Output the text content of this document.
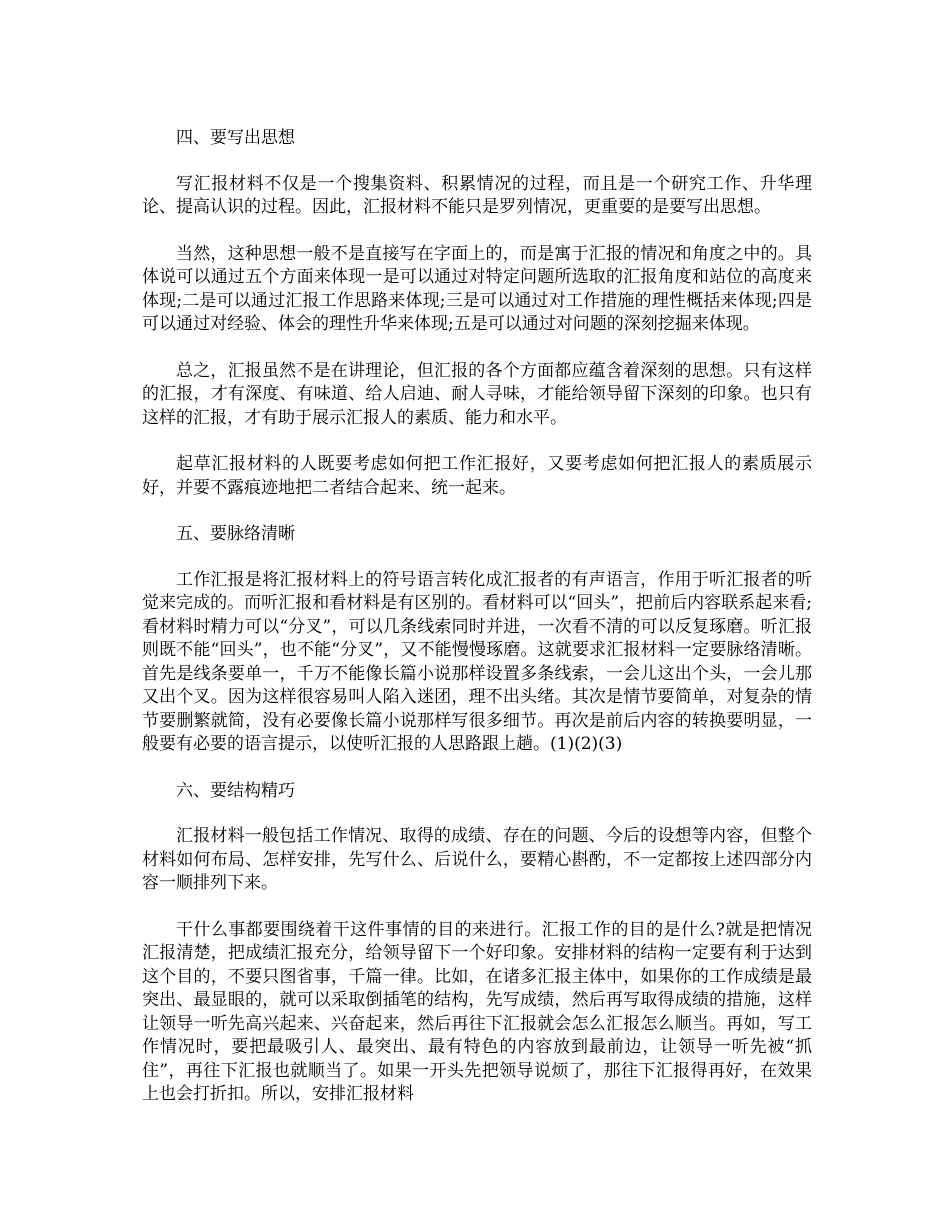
四、要写出思想

写汇报材料不仅是一个搜集资料、积累情况的过程，而且是一个研究工作、升华理论、提高认识的过程。因此，汇报材料不能只是罗列情况，更重要的是要写出思想。

当然，这种思想一般不是直接写在字面上的，而是寓于汇报的情况和角度之中的。具体说可以通过五个方面来体现一是可以通过对特定问题所选取的汇报角度和站位的高度来体现;二是可以通过汇报工作思路来体现;三是可以通过对工作措施的理性概括来体现;四是可以通过对经验、体会的理性升华来体现;五是可以通过对问题的深刻挖掘来体现。

总之，汇报虽然不是在讲理论，但汇报的各个方面都应蕴含着深刻的思想。只有这样的汇报，才有深度、有味道、给人启迪、耐人寻味，才能给领导留下深刻的印象。也只有这样的汇报，才有助于展示汇报人的素质、能力和水平。

起草汇报材料的人既要考虑如何把工作汇报好，又要考虑如何把汇报人的素质展示好，并要不露痕迹地把二者结合起来、统一起来。

五、要脉络清晰

工作汇报是将汇报材料上的符号语言转化成汇报者的有声语言，作用于听汇报者的听觉来完成的。而听汇报和看材料是有区别的。看材料可以“回头”，把前后内容联系起来看;看材料时精力可以“分叉”，可以几条线索同时并进，一次看不清的可以反复琢磨。听汇报则既不能“回头”，也不能“分叉”，又不能慢慢琢磨。这就要求汇报材料一定要脉络清晰。首先是线条要单一，千万不能像长篇小说那样设置多条线索，一会儿这出个头，一会儿那又出个叉。因为这样很容易叫人陷入迷团，理不出头绪。其次是情节要简单，对复杂的情节要删繁就简，没有必要像长篇小说那样写很多细节。再次是前后内容的转换要明显，一般要有必要的语言提示，以使听汇报的人思路跟上趟。(1)(2)(3)

六、要结构精巧

汇报材料一般包括工作情况、取得的成绩、存在的问题、今后的设想等内容，但整个材料如何布局、怎样安排，先写什么、后说什么，要精心斟酌，不一定都按上述四部分内容一顺排列下来。

干什么事都要围绕着干这件事情的目的来进行。汇报工作的目的是什么?就是把情况汇报清楚，把成绩汇报充分，给领导留下一个好印象。安排材料的结构一定要有利于达到这个目的，不要只图省事，千篇一律。比如，在诸多汇报主体中，如果你的工作成绩是最突出、最显眼的，就可以采取倒插笔的结构，先写成绩，然后再写取得成绩的措施，这样让领导一听先高兴起来、兴奋起来，然后再往下汇报就会怎么汇报怎么顺当。再如，写工作情况时，要把最吸引人、最突出、最有特色的内容放到最前边，让领导一听先被“抓住”，再往下汇报也就顺当了。如果一开头先把领导说烦了，那往下汇报得再好，在效果上也会打折扣。所以，安排汇报材料
